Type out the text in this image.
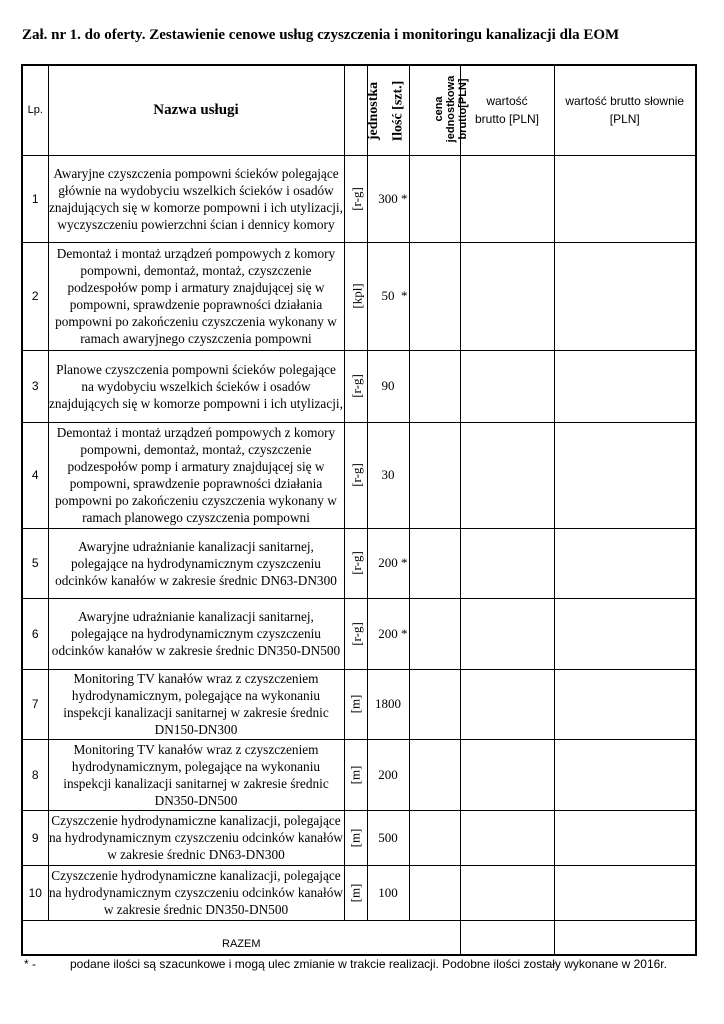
Zał. nr 1. do oferty. Zestawienie cenowe usług czyszczenia i monitoringu kanalizacji dla EOM
Lp.	Nazwa usługi	jednostka	Ilość [szt.]	cena jednostkowa brutto[PLN]	wartość brutto [PLN]	wartość brutto słownie [PLN]
1	Awaryjne czyszczenia pompowni ścieków polegające głównie na wydobyciu wszelkich ścieków i osadów znajdujących się w komorze pompowni i ich utylizacji, wyczyszczeniu powierzchni ścian i dennicy komory	[r-g]	300 *			

2	Demontaż i montaż urządzeń pompowych z komory pompowni, demontaż, montaż, czyszczenie podzespołów pomp i armatury znajdującej się w pompowni, sprawdzenie poprawności działania pompowni po zakończeniu czyszczenia wykonany w ramach awaryjnego czyszczenia pompowni	[kpl]	50 *			

3	Planowe czyszczenia pompowni ścieków polegające na wydobyciu wszelkich ścieków i osadów znajdujących się w komorze pompowni i ich utylizacji,	[r-g]	90

4	Demontaż i montaż urządzeń pompowych z komory pompowni, demontaż, montaż, czyszczenie podzespołów pomp i armatury znajdującej się w pompowni, sprawdzenie poprawności działania pompowni po zakończeniu czyszczenia wykonany w ramach planowego czyszczenia pompowni	[r-g]	30

5	Awaryjne udrażnianie kanalizacji sanitarnej, polegające na hydrodynamicznym czyszczeniu odcinków kanałów w zakresie średnic DN63-DN300	[r-g]	200 *			

6	Awaryjne udrażnianie kanalizacji sanitarnej, polegające na hydrodynamicznym czyszczeniu odcinków kanałów w zakresie średnic DN350-DN500	[r-g]	200 *			

7	Monitoring TV kanałów wraz z czyszczeniem hydrodynamicznym, polegające na wykonaniu inspekcji kanalizacji sanitarnej w zakresie średnic DN150-DN300	[m]	1800

8	Monitoring TV kanałów wraz z czyszczeniem hydrodynamicznym, polegające na wykonaniu inspekcji kanalizacji sanitarnej w zakresie średnic DN350-DN500	[m]	200

9	Czyszczenie hydrodynamiczne kanalizacji, polegające na hydrodynamicznym czyszczeniu odcinków kanałów w zakresie średnic DN63-DN300	[m]	500

10	Czyszczenie hydrodynamiczne kanalizacji, polegające na hydrodynamicznym czyszczeniu odcinków kanałów w zakresie średnic DN350-DN500	[m]	100

RAZEM						
* -	podane ilości są szacunkowe i mogą ulec zmianie w trakcie realizacji. Podobne ilości zostały wykonane w 2016r.
